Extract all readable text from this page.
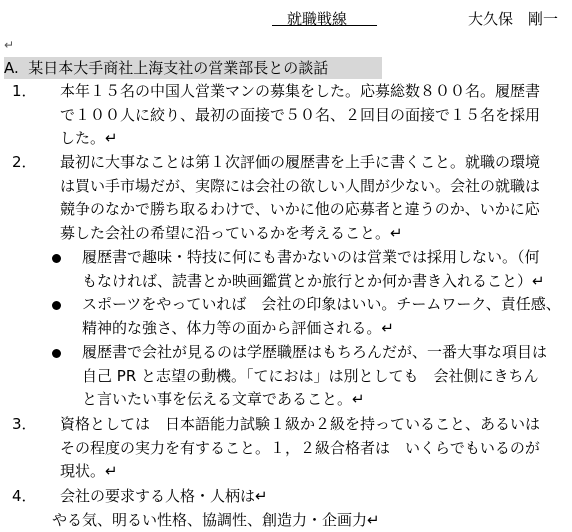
　就職戦線　　	大久保　剛一
↵
A.  某日本大手商社上海支社の営業部長との談話
1． 本年１５名の中国人営業マンの募集をした。応募総数８００名。履歴書

で１００人に絞り、最初の面接で５０名、２回目の面接で１５名を採用

した。↵

2． 最初に大事なことは第１次評価の履歴書を上手に書くこと。就職の環境

は買い手市場だが、実際には会社の欲しい人間が少ない。会社の就職は

競争のなかで勝ち取るわけで、いかに他の応募者と違うのか、いかに応

募した会社の希望に沿っているかを考えること。↵

履歴書で趣味・特技に何にも書かないのは営業では採用しない。（何

もなければ、読書とか映画鑑賞とか旅行とか何か書き入れること）↵

スポーツをやっていれば　会社の印象はいい。チームワーク、責任感、

精神的な強さ、体力等の面から評価される。↵

履歴書で会社が見るのは学歴職歴はもちろんだが、一番大事な項目は

自己 PR と志望の動機。「てにおは」は別としても　会社側にきちん

と言いたい事を伝える文章であること。↵

3． 資格としては　日本語能力試験１級か２級を持っていること、あるいは

その程度の実力を有すること。１，２級合格者は　いくらでもいるのが

現状。↵

4． 会社の要求する人格・人柄は↵

やる気、明るい性格、協調性、創造力・企画力↵
